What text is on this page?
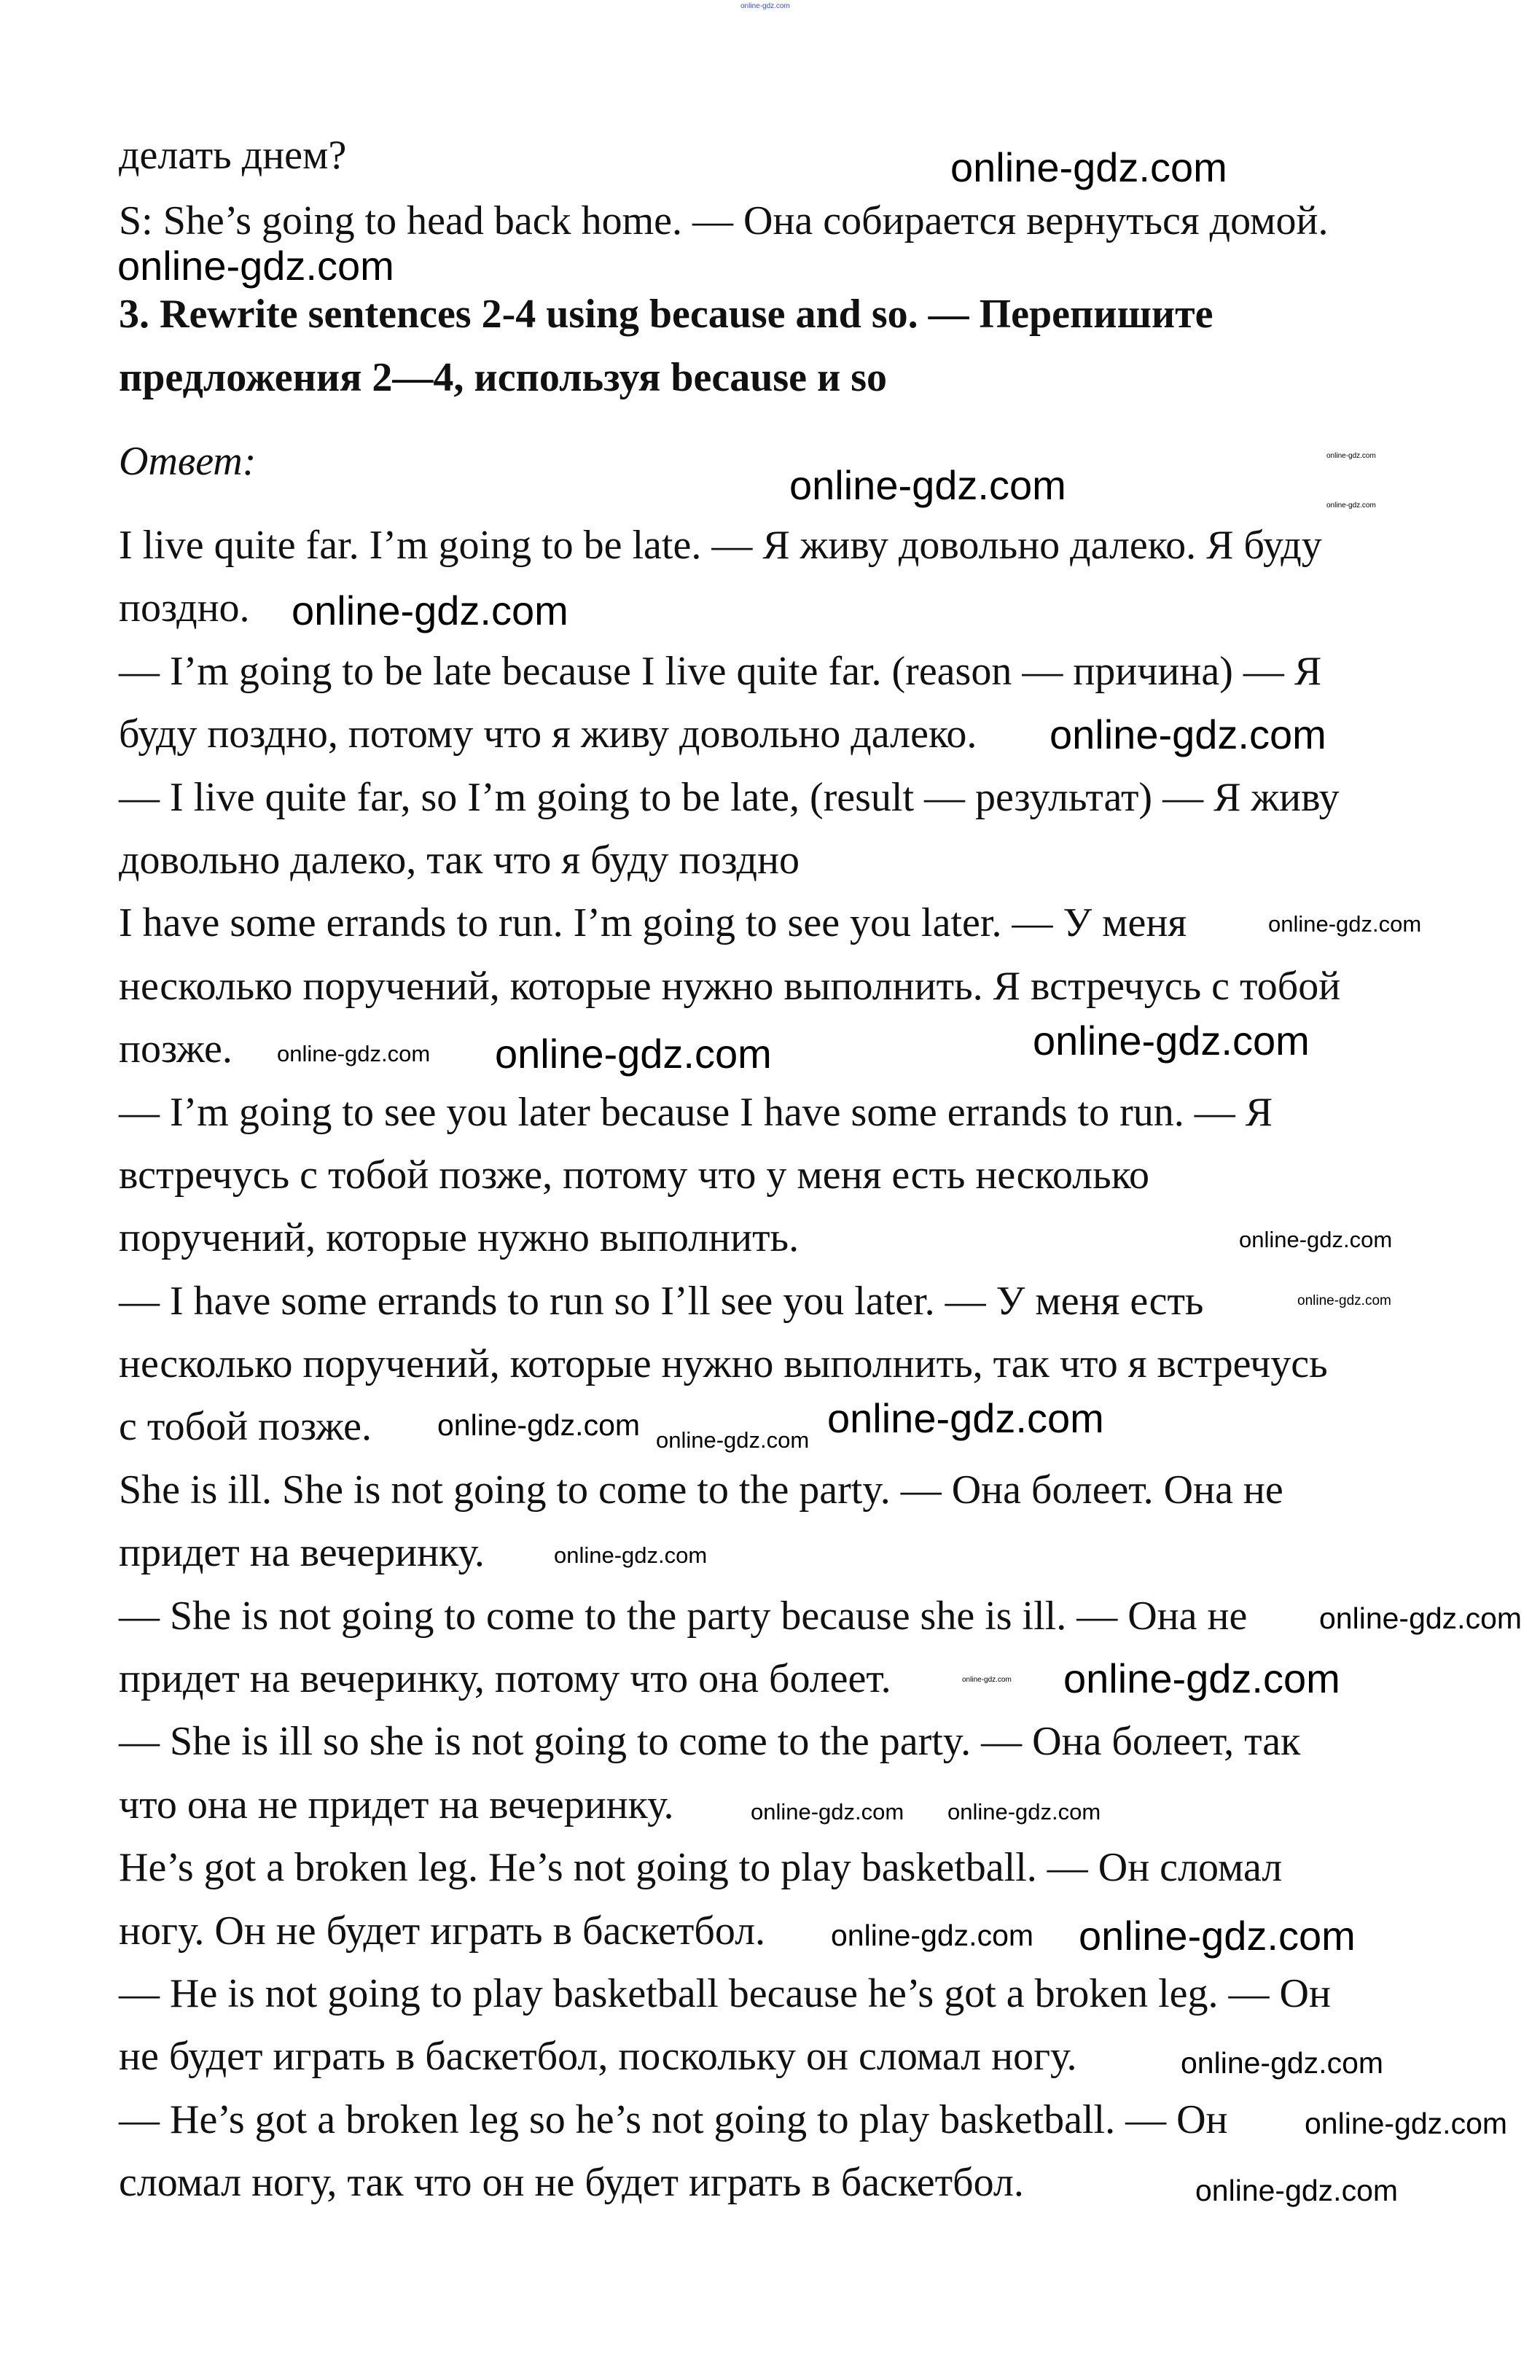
делать днем?
S: She’s going to head back home. — Она собирается вернуться домой.
3. Rewrite sentences 2-4 using because and so. — Перепишите
предложения 2—4, используя because и so
Ответ:
I live quite far. I’m going to be late. — Я живу довольно далеко. Я буду
поздно.
— I’m going to be late because I live quite far. (reason — причина) — Я
буду поздно, потому что я живу довольно далеко.
— I live quite far, so I’m going to be late, (result — результат) — Я живу
довольно далеко, так что я буду поздно
I have some errands to run. I’m going to see you later. — У меня
несколько поручений, которые нужно выполнить. Я встречусь с тобой
позже.
— I’m going to see you later because I have some errands to run. — Я
встречусь с тобой позже, потому что у меня есть несколько
поручений, которые нужно выполнить.
— I have some errands to run so I’ll see you later. — У меня есть
несколько поручений, которые нужно выполнить, так что я встречусь
с тобой позже.
She is ill. She is not going to come to the party. — Она болеет. Она не
придет на вечеринку.
— She is not going to come to the party because she is ill. — Она не
придет на вечеринку, потому что она болеет.
— She is ill so she is not going to come to the party. — Она болеет, так
что она не придет на вечеринку.
He’s got a broken leg. He’s not going to play basketball. — Он сломал
ногу. Он не будет играть в баскетбол.
— He is not going to play basketball because he’s got a broken leg. — Он
не будет играть в баскетбол, поскольку он сломал ногу.
— He’s got a broken leg so he’s not going to play basketball. — Он
сломал ногу, так что он не будет играть в баскетбол.
online-gdz.com
online-gdz.com
online-gdz.com
online-gdz.com
online-gdz.com
online-gdz.com
online-gdz.com
online-gdz.com
online-gdz.com
online-gdz.com
online-gdz.com online-gdz.com
online-gdz.com
online-gdz.com
online-gdz.com	online-gdz.com
online-gdz.com
online-gdz.com
online-gdz.com
online-gdz.com online-gdz.com
online-gdz.com
online-gdz.com
online-gdz.com online-gdz.com
online-gdz.com
online-gdz.com
online-gdz.com
